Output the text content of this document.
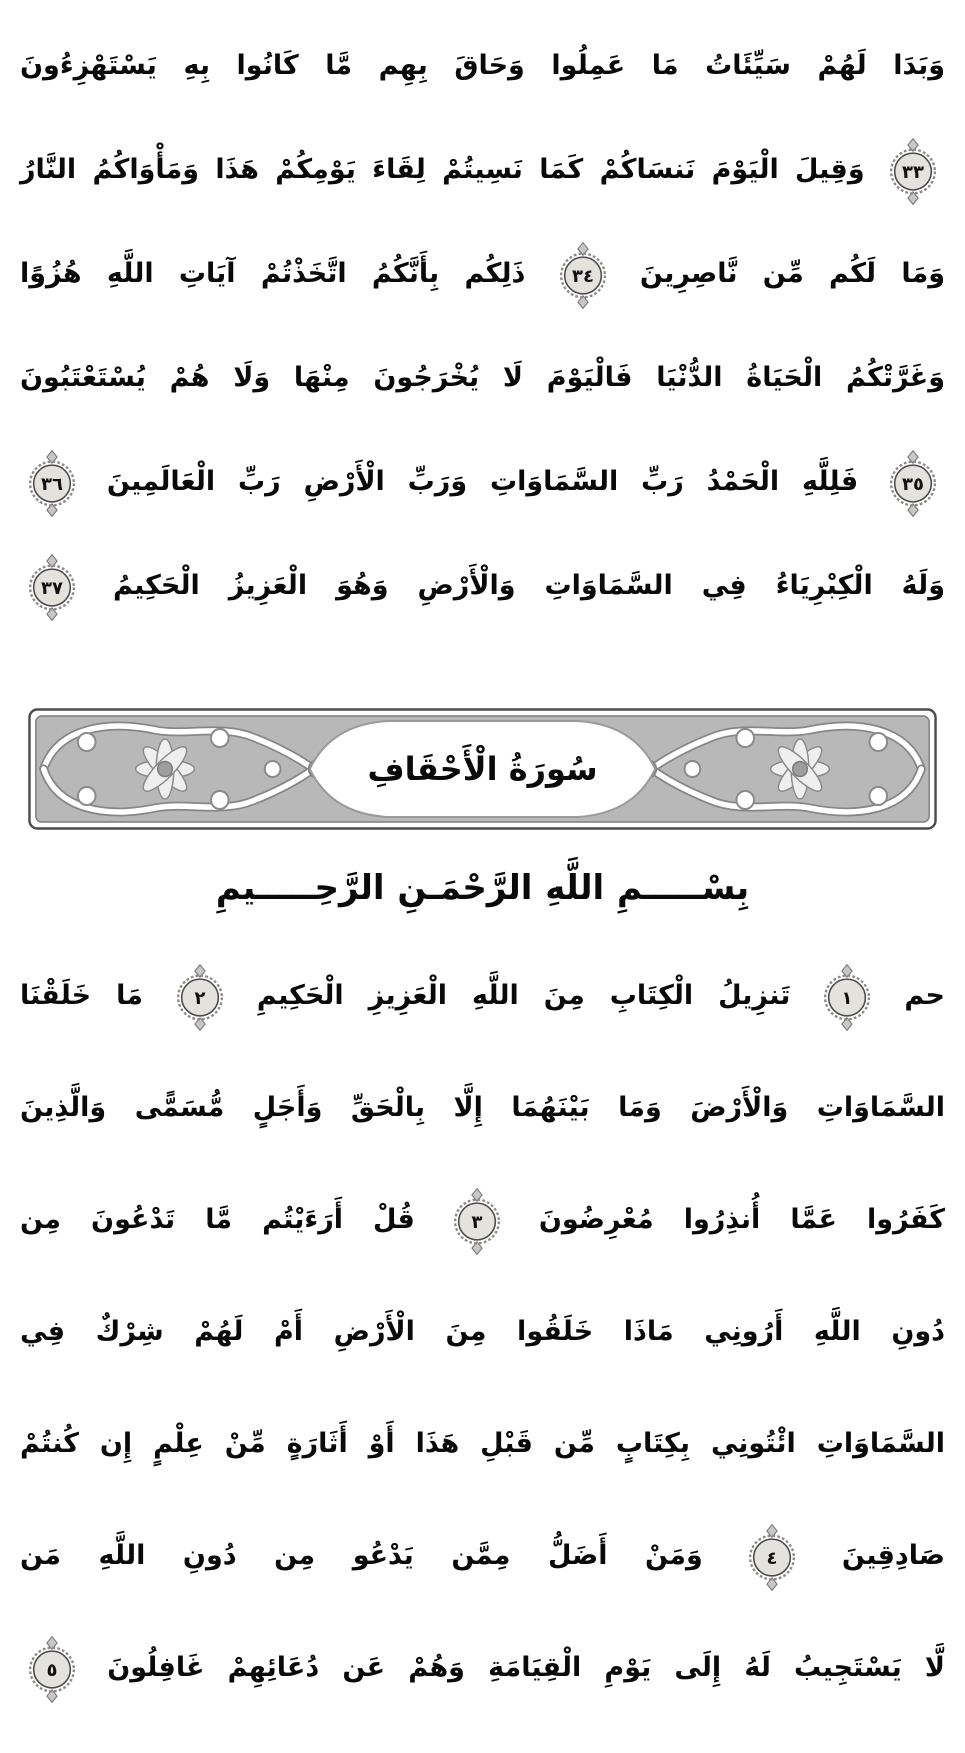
وَبَدَا لَهُمْ سَيِّئَاتُ مَا عَمِلُوا وَحَاقَ بِهِم مَّا كَانُوا بِهِ يَسْتَهْزِءُونَ
٣٣
وَقِيلَ الْيَوْمَ نَنسَاكُمْ كَمَا نَسِيتُمْ لِقَاءَ يَوْمِكُمْ هَذَا وَمَأْوَاكُمُ النَّارُ
وَمَا لَكُم مِّن نَّاصِرِينَ
٣٤
ذَلِكُم بِأَنَّكُمُ اتَّخَذْتُمْ آيَاتِ اللَّهِ هُزُوًا
وَغَرَّتْكُمُ الْحَيَاةُ الدُّنْيَا فَالْيَوْمَ لَا يُخْرَجُونَ مِنْهَا وَلَا هُمْ يُسْتَعْتَبُونَ
٣٥
فَلِلَّهِ الْحَمْدُ رَبِّ السَّمَاوَاتِ وَرَبِّ الْأَرْضِ رَبِّ الْعَالَمِينَ
٣٦
وَلَهُ الْكِبْرِيَاءُ فِي السَّمَاوَاتِ وَالْأَرْضِ وَهُوَ الْعَزِيزُ الْحَكِيمُ
٣٧
سُورَةُ الْأَحْقَافِ
بِسْـــــمِ اللَّهِ الرَّحْمَـنِ الرَّحِـــــيمِ
حم
١
تَنزِيلُ الْكِتَابِ مِنَ اللَّهِ الْعَزِيزِ الْحَكِيمِ
٢
مَا خَلَقْنَا
السَّمَاوَاتِ وَالْأَرْضَ وَمَا بَيْنَهُمَا إِلَّا بِالْحَقِّ وَأَجَلٍ مُّسَمًّى وَالَّذِينَ
كَفَرُوا عَمَّا أُنذِرُوا مُعْرِضُونَ
٣
قُلْ أَرَءَيْتُم مَّا تَدْعُونَ مِن
دُونِ اللَّهِ أَرُونِي مَاذَا خَلَقُوا مِنَ الْأَرْضِ أَمْ لَهُمْ شِرْكٌ فِي
السَّمَاوَاتِ ائْتُونِي بِكِتَابٍ مِّن قَبْلِ هَذَا أَوْ أَثَارَةٍ مِّنْ عِلْمٍ إِن كُنتُمْ
صَادِقِينَ
٤
وَمَنْ أَضَلُّ مِمَّن يَدْعُو مِن دُونِ اللَّهِ مَن
لَّا يَسْتَجِيبُ لَهُ إِلَى يَوْمِ الْقِيَامَةِ وَهُمْ عَن دُعَائِهِمْ غَافِلُونَ
٥
